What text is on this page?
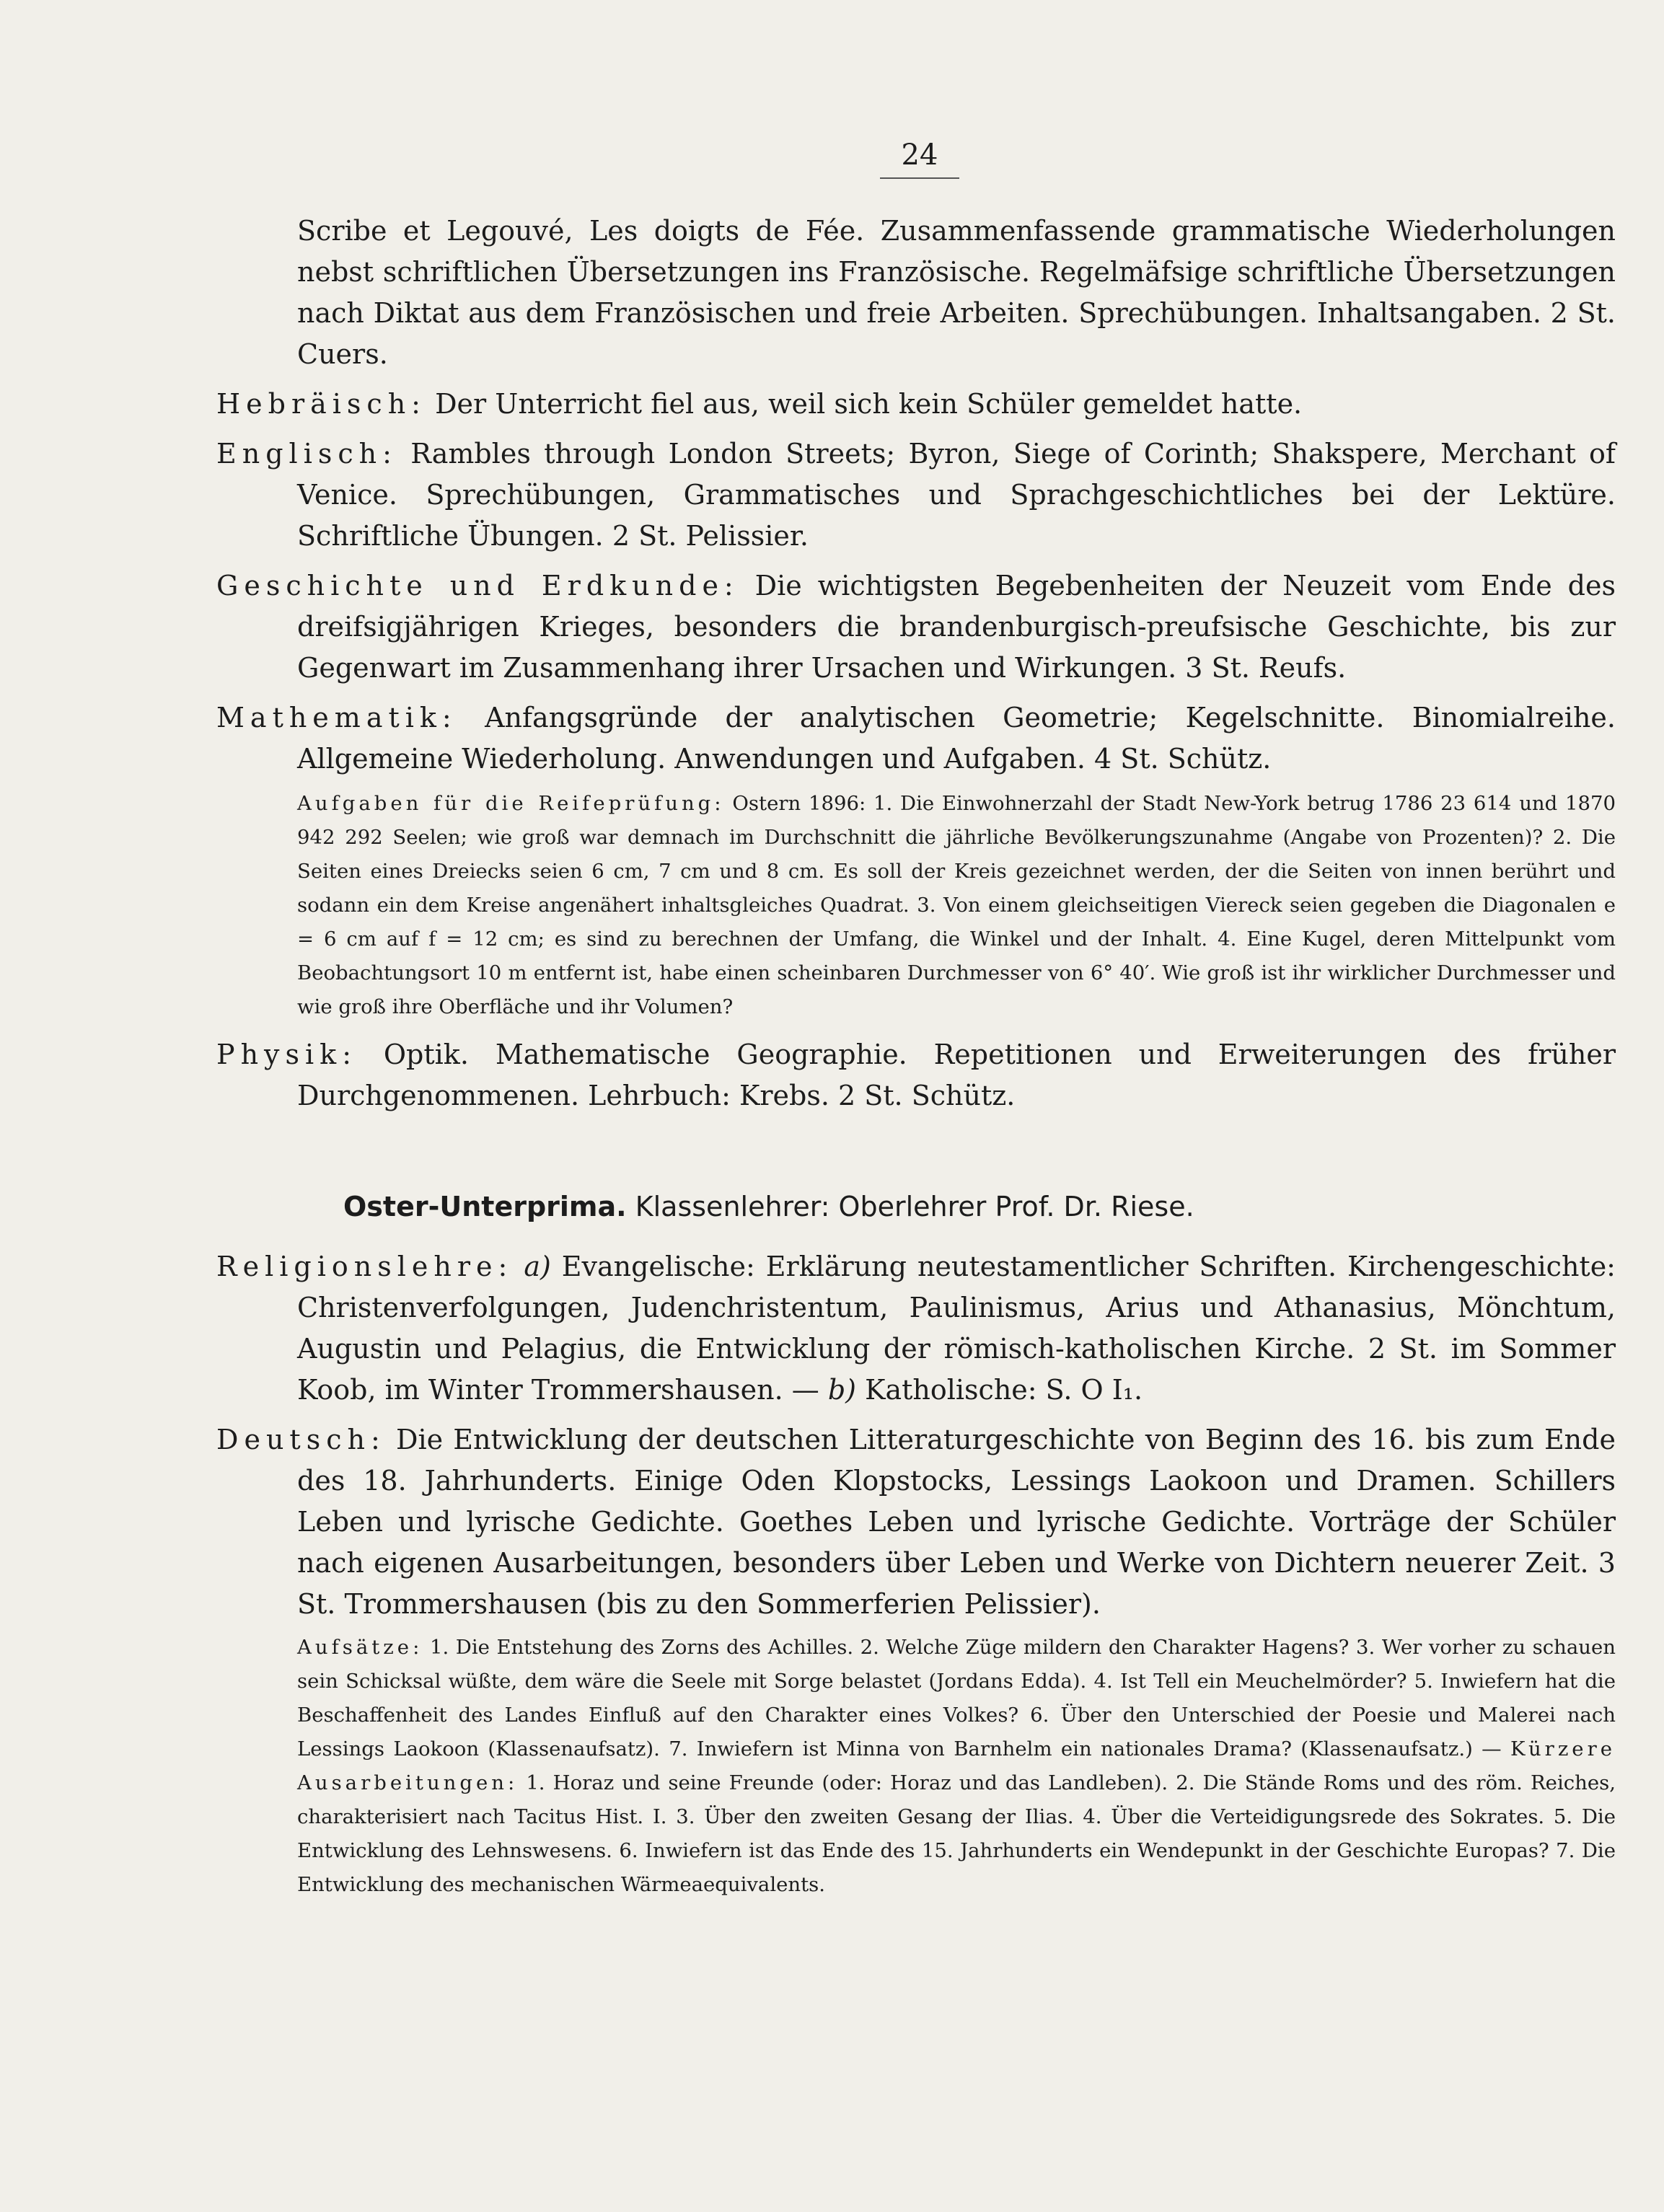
24

Scribe et Legouvé, Les doigts de Fée. Zusammenfassende grammatische Wiederholungen nebst schriftlichen Übersetzungen ins Französische. Regelmäfsige schriftliche Übersetzungen nach Diktat aus dem Französischen und freie Arbeiten. Sprechübungen. Inhaltsangaben. 2 St. Cuers.

Hebräisch: Der Unterricht fiel aus, weil sich kein Schüler gemeldet hatte.

Englisch: Rambles through London Streets; Byron, Siege of Corinth; Shakspere, Merchant of Venice. Sprechübungen, Grammatisches und Sprachgeschichtliches bei der Lektüre. Schriftliche Übungen. 2 St. Pelissier.

Geschichte und Erdkunde: Die wichtigsten Begebenheiten der Neuzeit vom Ende des dreifsigjährigen Krieges, besonders die brandenburgisch-preufsische Geschichte, bis zur Gegenwart im Zusammenhang ihrer Ursachen und Wirkungen. 3 St. Reufs.

Mathematik: Anfangsgründe der analytischen Geometrie; Kegelschnitte. Binomialreihe. Allgemeine Wiederholung. Anwendungen und Aufgaben. 4 St. Schütz.

Aufgaben für die Reifeprüfung: Ostern 1896: 1. Die Einwohnerzahl der Stadt New-York betrug 1786 23 614 und 1870 942 292 Seelen; wie groß war demnach im Durchschnitt die jährliche Bevölkerungszunahme (Angabe von Prozenten)? 2. Die Seiten eines Dreiecks seien 6 cm, 7 cm und 8 cm. Es soll der Kreis gezeichnet werden, der die Seiten von innen berührt und sodann ein dem Kreise angenähert inhaltsgleiches Quadrat. 3. Von einem gleichseitigen Viereck seien gegeben die Diagonalen e = 6 cm auf f = 12 cm; es sind zu berechnen der Umfang, die Winkel und der Inhalt. 4. Eine Kugel, deren Mittelpunkt vom Beobachtungsort 10 m entfernt ist, habe einen scheinbaren Durchmesser von 6° 40′. Wie groß ist ihr wirklicher Durchmesser und wie groß ihre Oberfläche und ihr Volumen?

Physik: Optik. Mathematische Geographie. Repetitionen und Erweiterungen des früher Durchgenommenen. Lehrbuch: Krebs. 2 St. Schütz.

Oster-Unterprima. Klassenlehrer: Oberlehrer Prof. Dr. Riese.

Religionslehre: a) Evangelische: Erklärung neutestamentlicher Schriften. Kirchengeschichte: Christenverfolgungen, Judenchristentum, Paulinismus, Arius und Athanasius, Mönchtum, Augustin und Pelagius, die Entwicklung der römisch-katholischen Kirche. 2 St. im Sommer Koob, im Winter Trommershausen. — b) Katholische: S. O I₁.

Deutsch: Die Entwicklung der deutschen Litteraturgeschichte von Beginn des 16. bis zum Ende des 18. Jahrhunderts. Einige Oden Klopstocks, Lessings Laokoon und Dramen. Schillers Leben und lyrische Gedichte. Goethes Leben und lyrische Gedichte. Vorträge der Schüler nach eigenen Ausarbeitungen, besonders über Leben und Werke von Dichtern neuerer Zeit. 3 St. Trommershausen (bis zu den Sommerferien Pelissier).

Aufsätze: 1. Die Entstehung des Zorns des Achilles. 2. Welche Züge mildern den Charakter Hagens? 3. Wer vorher zu schauen sein Schicksal wüßte, dem wäre die Seele mit Sorge belastet (Jordans Edda). 4. Ist Tell ein Meuchelmörder? 5. Inwiefern hat die Beschaffenheit des Landes Einfluß auf den Charakter eines Volkes? 6. Über den Unterschied der Poesie und Malerei nach Lessings Laokoon (Klassenaufsatz). 7. Inwiefern ist Minna von Barnhelm ein nationales Drama? (Klassenaufsatz.) — Kürzere Ausarbeitungen: 1. Horaz und seine Freunde (oder: Horaz und das Landleben). 2. Die Stände Roms und des röm. Reiches, charakterisiert nach Tacitus Hist. I. 3. Über den zweiten Gesang der Ilias. 4. Über die Verteidigungsrede des Sokrates. 5. Die Entwicklung des Lehnswesens. 6. Inwiefern ist das Ende des 15. Jahrhunderts ein Wendepunkt in der Geschichte Europas? 7. Die Entwicklung des mechanischen Wärmeaequivalents.
